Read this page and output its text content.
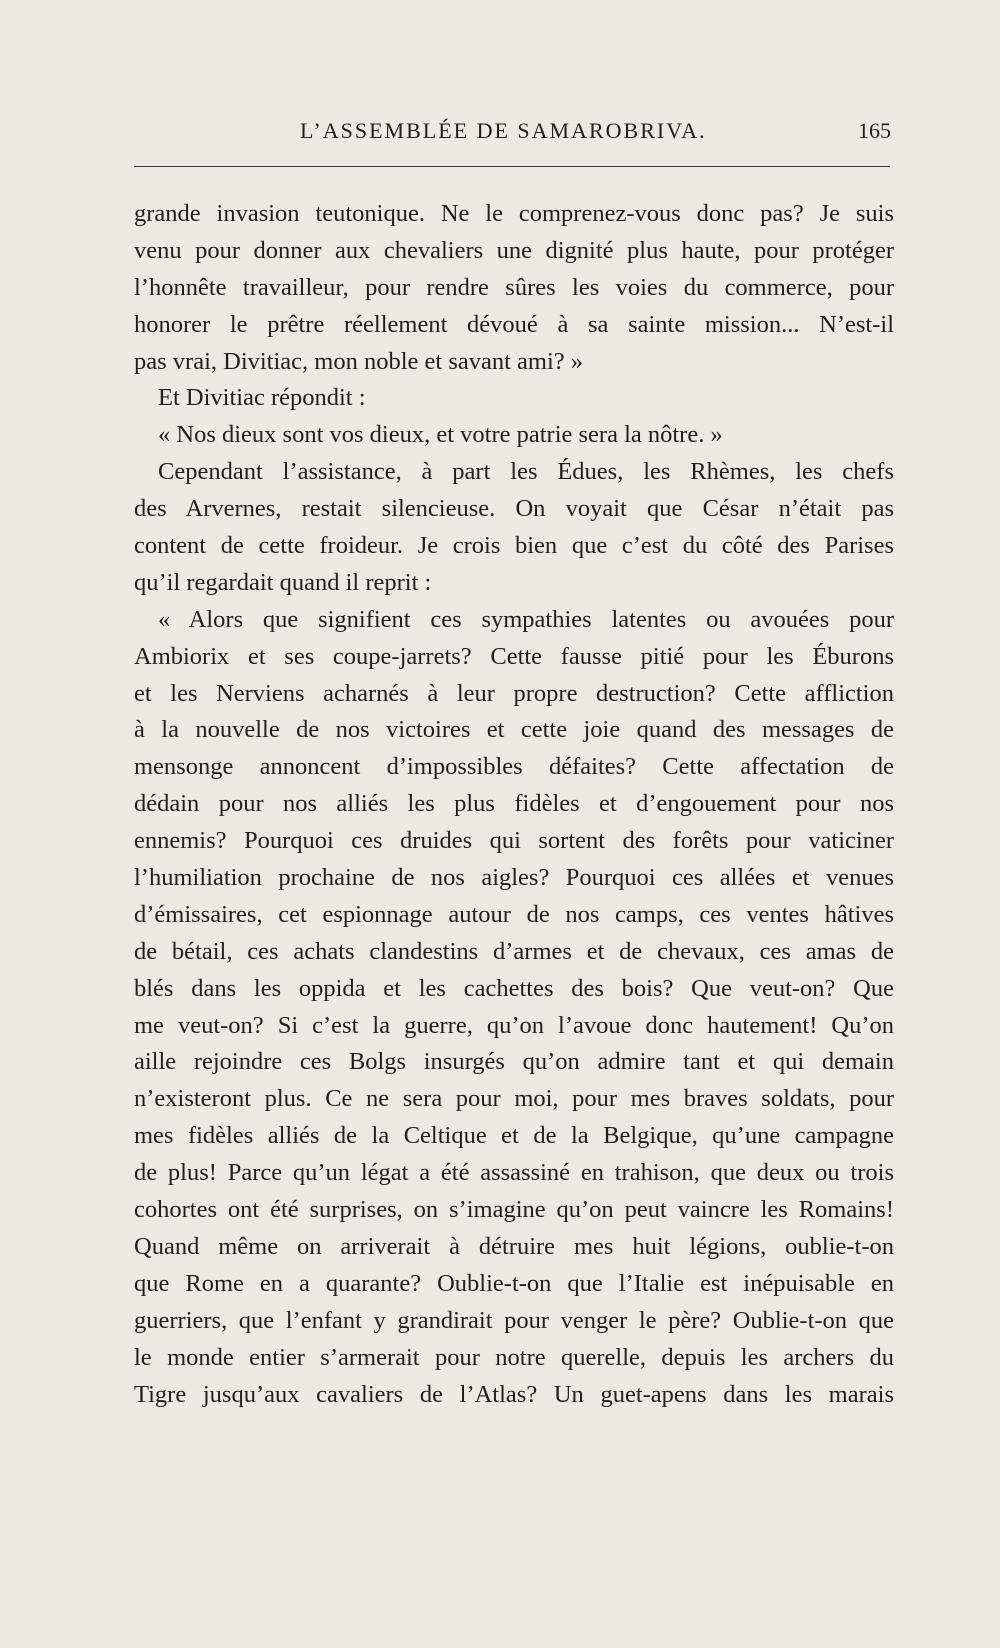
L’ASSEMBLÉE DE SAMAROBRIVA.	165
grande invasion teutonique. Ne le comprenez-vous donc pas? Je suis
venu pour donner aux chevaliers une dignité plus haute, pour protéger
l’honnête travailleur, pour rendre sûres les voies du commerce, pour
honorer le prêtre réellement dévoué à sa sainte mission... N’est-il
pas vrai, Divitiac, mon noble et savant ami? »
Et Divitiac répondit :
« Nos dieux sont vos dieux, et votre patrie sera la nôtre. »
Cependant l’assistance, à part les Édues, les Rhèmes, les chefs
des Arvernes, restait silencieuse. On voyait que César n’était pas
content de cette froideur. Je crois bien que c’est du côté des Parises
qu’il regardait quand il reprit :
« Alors que signifient ces sympathies latentes ou avouées pour
Ambiorix et ses coupe-jarrets? Cette fausse pitié pour les Éburons
et les Nerviens acharnés à leur propre destruction? Cette affliction
à la nouvelle de nos victoires et cette joie quand des messages de
mensonge annoncent d’impossibles défaites? Cette affectation de
dédain pour nos alliés les plus fidèles et d’engouement pour nos
ennemis? Pourquoi ces druides qui sortent des forêts pour vaticiner
l’humiliation prochaine de nos aigles? Pourquoi ces allées et venues
d’émissaires, cet espionnage autour de nos camps, ces ventes hâtives
de bétail, ces achats clandestins d’armes et de chevaux, ces amas de
blés dans les oppida et les cachettes des bois? Que veut-on? Que
me veut-on? Si c’est la guerre, qu’on l’avoue donc hautement! Qu’on
aille rejoindre ces Bolgs insurgés qu’on admire tant et qui demain
n’existeront plus. Ce ne sera pour moi, pour mes braves soldats, pour
mes fidèles alliés de la Celtique et de la Belgique, qu’une campagne
de plus! Parce qu’un légat a été assassiné en trahison, que deux ou trois
cohortes ont été surprises, on s’imagine qu’on peut vaincre les Romains!
Quand même on arriverait à détruire mes huit légions, oublie-t-on
que Rome en a quarante? Oublie-t-on que l’Italie est inépuisable en
guerriers, que l’enfant y grandirait pour venger le père? Oublie-t-on que
le monde entier s’armerait pour notre querelle, depuis les archers du
Tigre jusqu’aux cavaliers de l’Atlas? Un guet-apens dans les marais
